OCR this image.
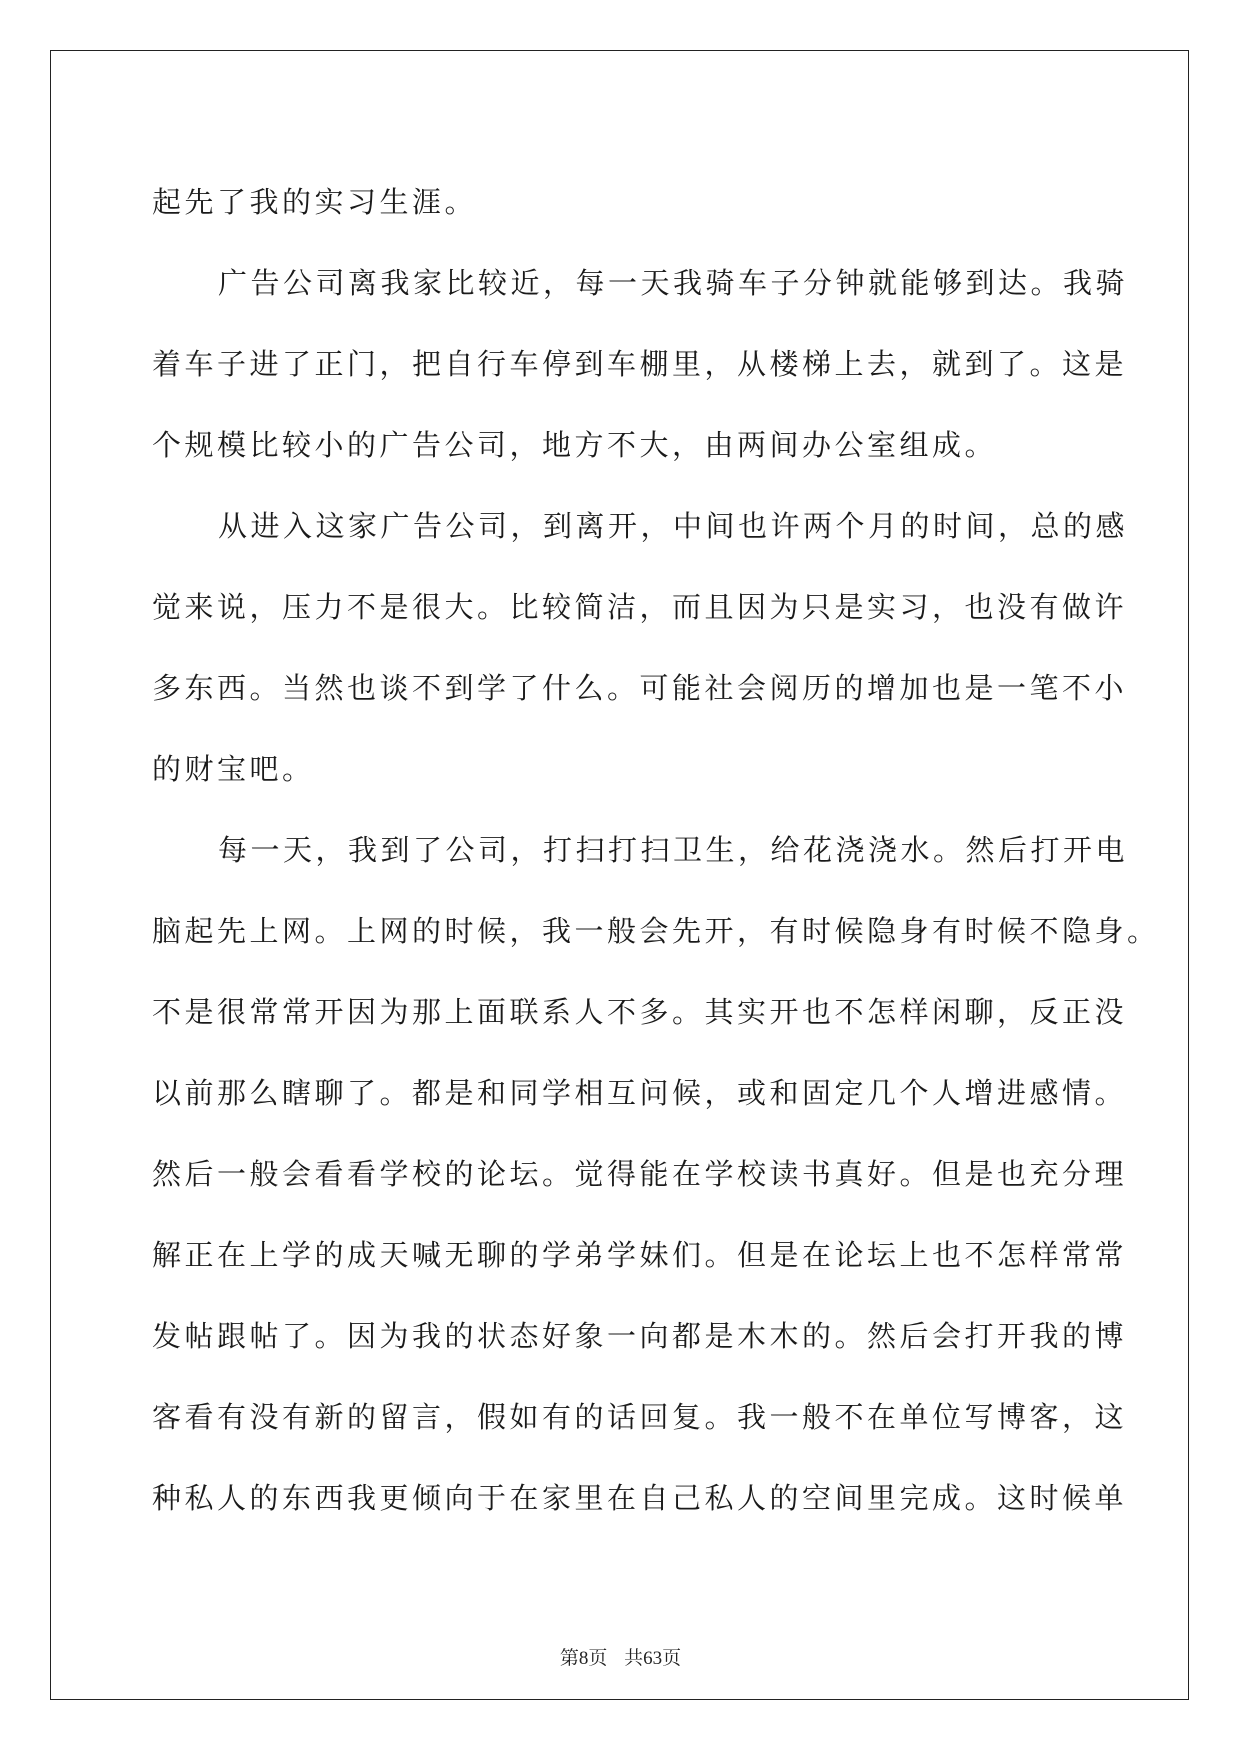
起先了我的实习生涯。
广告公司离我家比较近，每一天我骑车子分钟就能够到达。我骑
着车子进了正门，把自行车停到车棚里，从楼梯上去，就到了。这是
个规模比较小的广告公司，地方不大，由两间办公室组成。
从进入这家广告公司，到离开，中间也许两个月的时间，总的感
觉来说，压力不是很大。比较简洁，而且因为只是实习，也没有做许
多东西。当然也谈不到学了什么。可能社会阅历的增加也是一笔不小
的财宝吧。
每一天，我到了公司，打扫打扫卫生，给花浇浇水。然后打开电
脑起先上网。上网的时候，我一般会先开，有时候隐身有时候不隐身。
不是很常常开因为那上面联系人不多。其实开也不怎样闲聊，反正没
以前那么瞎聊了。都是和同学相互问候，或和固定几个人增进感情。
然后一般会看看学校的论坛。觉得能在学校读书真好。但是也充分理
解正在上学的成天喊无聊的学弟学妹们。但是在论坛上也不怎样常常
发帖跟帖了。因为我的状态好象一向都是木木的。然后会打开我的博
客看有没有新的留言，假如有的话回复。我一般不在单位写博客，这
种私人的东西我更倾向于在家里在自己私人的空间里完成。这时候单
第8页 共63页
